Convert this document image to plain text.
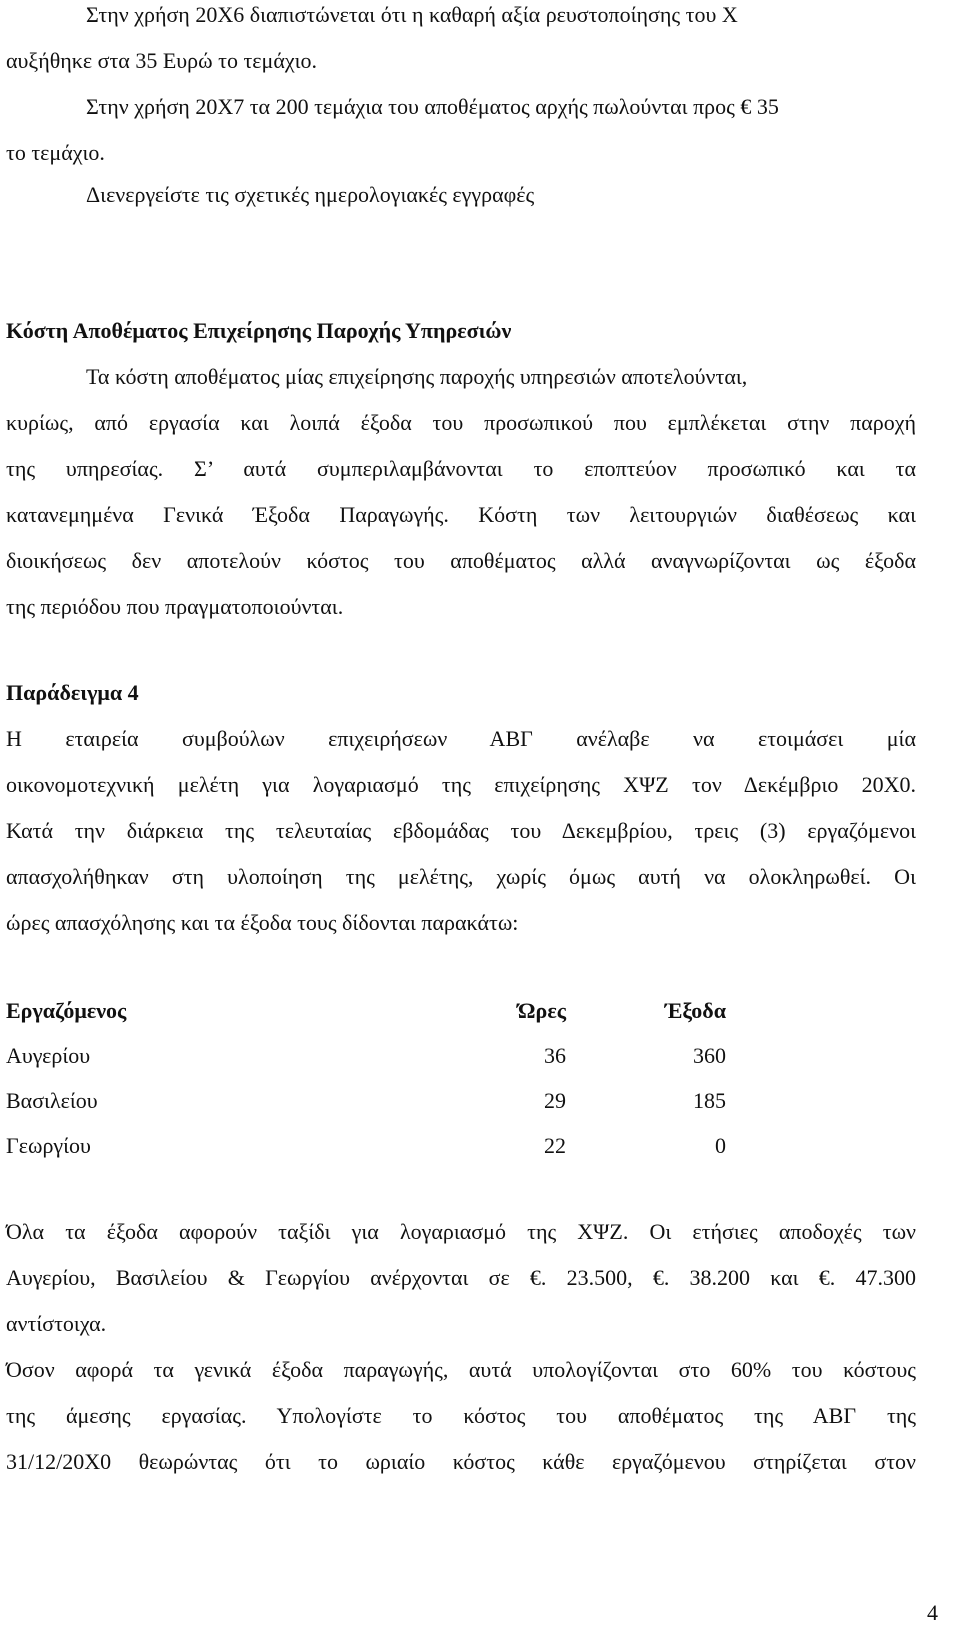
Στην χρήση 20Χ6 διαπιστώνεται ότι η καθαρή αξία ρευστοποίησης του Χ
αυξήθηκε στα 35 Ευρώ το τεμάχιο.
Στην χρήση 20Χ7 τα 200 τεμάχια του αποθέματος αρχής πωλούνται προς € 35
το τεμάχιο.
Διενεργείστε τις σχετικές ημερολογιακές εγγραφές
Κόστη Αποθέματος Επιχείρησης Παροχής Υπηρεσιών
Τα κόστη αποθέματος μίας επιχείρησης παροχής υπηρεσιών αποτελούνται,
κυρίως, από εργασία και λοιπά έξοδα του προσωπικού που εμπλέκεται στην παροχή
της υπηρεσίας. Σ’ αυτά συμπεριλαμβάνονται το εποπτεύον προσωπικό και τα
κατανεμημένα Γενικά Έξοδα Παραγωγής. Κόστη των λειτουργιών διαθέσεως και
διοικήσεως δεν αποτελούν κόστος του αποθέματος αλλά αναγνωρίζονται ως έξοδα
της περιόδου που πραγματοποιούνται.
Παράδειγμα 4
Η εταιρεία συμβούλων επιχειρήσεων ΑΒΓ ανέλαβε να ετοιμάσει μία
οικονομοτεχνική μελέτη για λογαριασμό της επιχείρησης ΧΨΖ τον Δεκέμβριο 20Χ0.
Κατά την διάρκεια της τελευταίας εβδομάδας του Δεκεμβρίου, τρεις (3) εργαζόμενοι
απασχολήθηκαν στη υλοποίηση της μελέτης, χωρίς όμως αυτή να ολοκληρωθεί. Οι
ώρες απασχόλησης και τα έξοδα τους δίδονται παρακάτω:
Εργαζόμενος	Ώρες	Έξοδα
Αυγερίου	36	360
Βασιλείου	29	185
Γεωργίου	22	0
Όλα τα έξοδα αφορούν ταξίδι για λογαριασμό της ΧΨΖ. Οι ετήσιες αποδοχές των
Αυγερίου, Βασιλείου & Γεωργίου ανέρχονται σε €. 23.500, €. 38.200 και €. 47.300
αντίστοιχα.
Όσον αφορά τα γενικά έξοδα παραγωγής, αυτά υπολογίζονται στο 60% του κόστους
της άμεσης εργασίας. Υπολογίστε το κόστος του αποθέματος της ΑΒΓ της
31/12/20Χ0 θεωρώντας ότι το ωριαίο κόστος κάθε εργαζόμενου στηρίζεται στον
4
